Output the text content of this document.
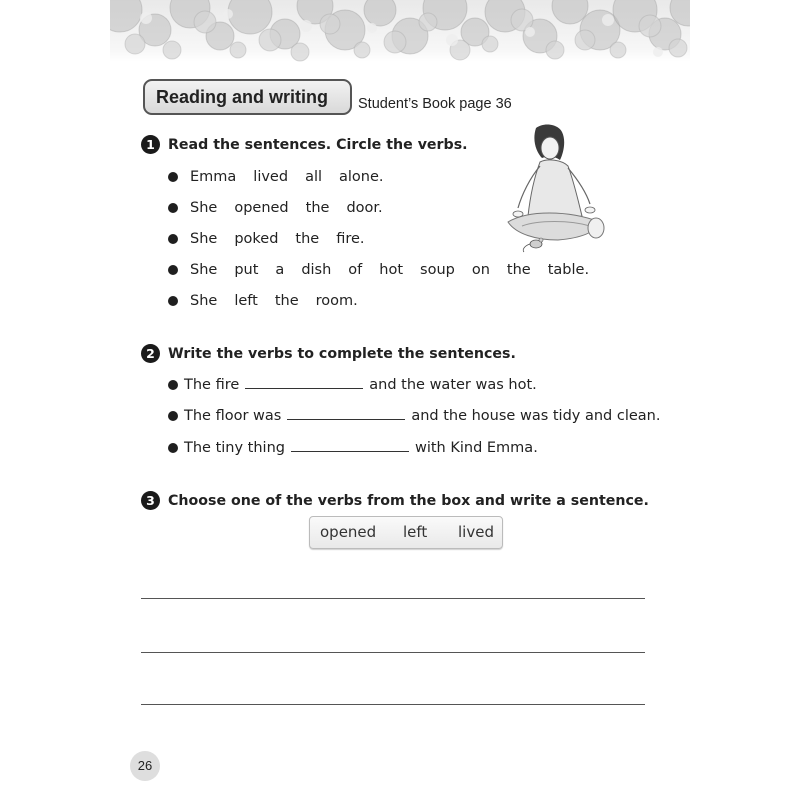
Reading and writing	Student’s Book page 36
1 Read the sentences. Circle the verbs.
Emma lived all alone.
She opened the door.
She poked the fire.
She put a dish of hot soup on the table.
She left the room.
2 Write the verbs to complete the sentences.
The fire	and the water was hot.
The floor was	and the house was tidy and clean.
The tiny thing	with Kind Emma.
3 Choose one of the verbs from the box and write a sentence.
opened left lived
26
